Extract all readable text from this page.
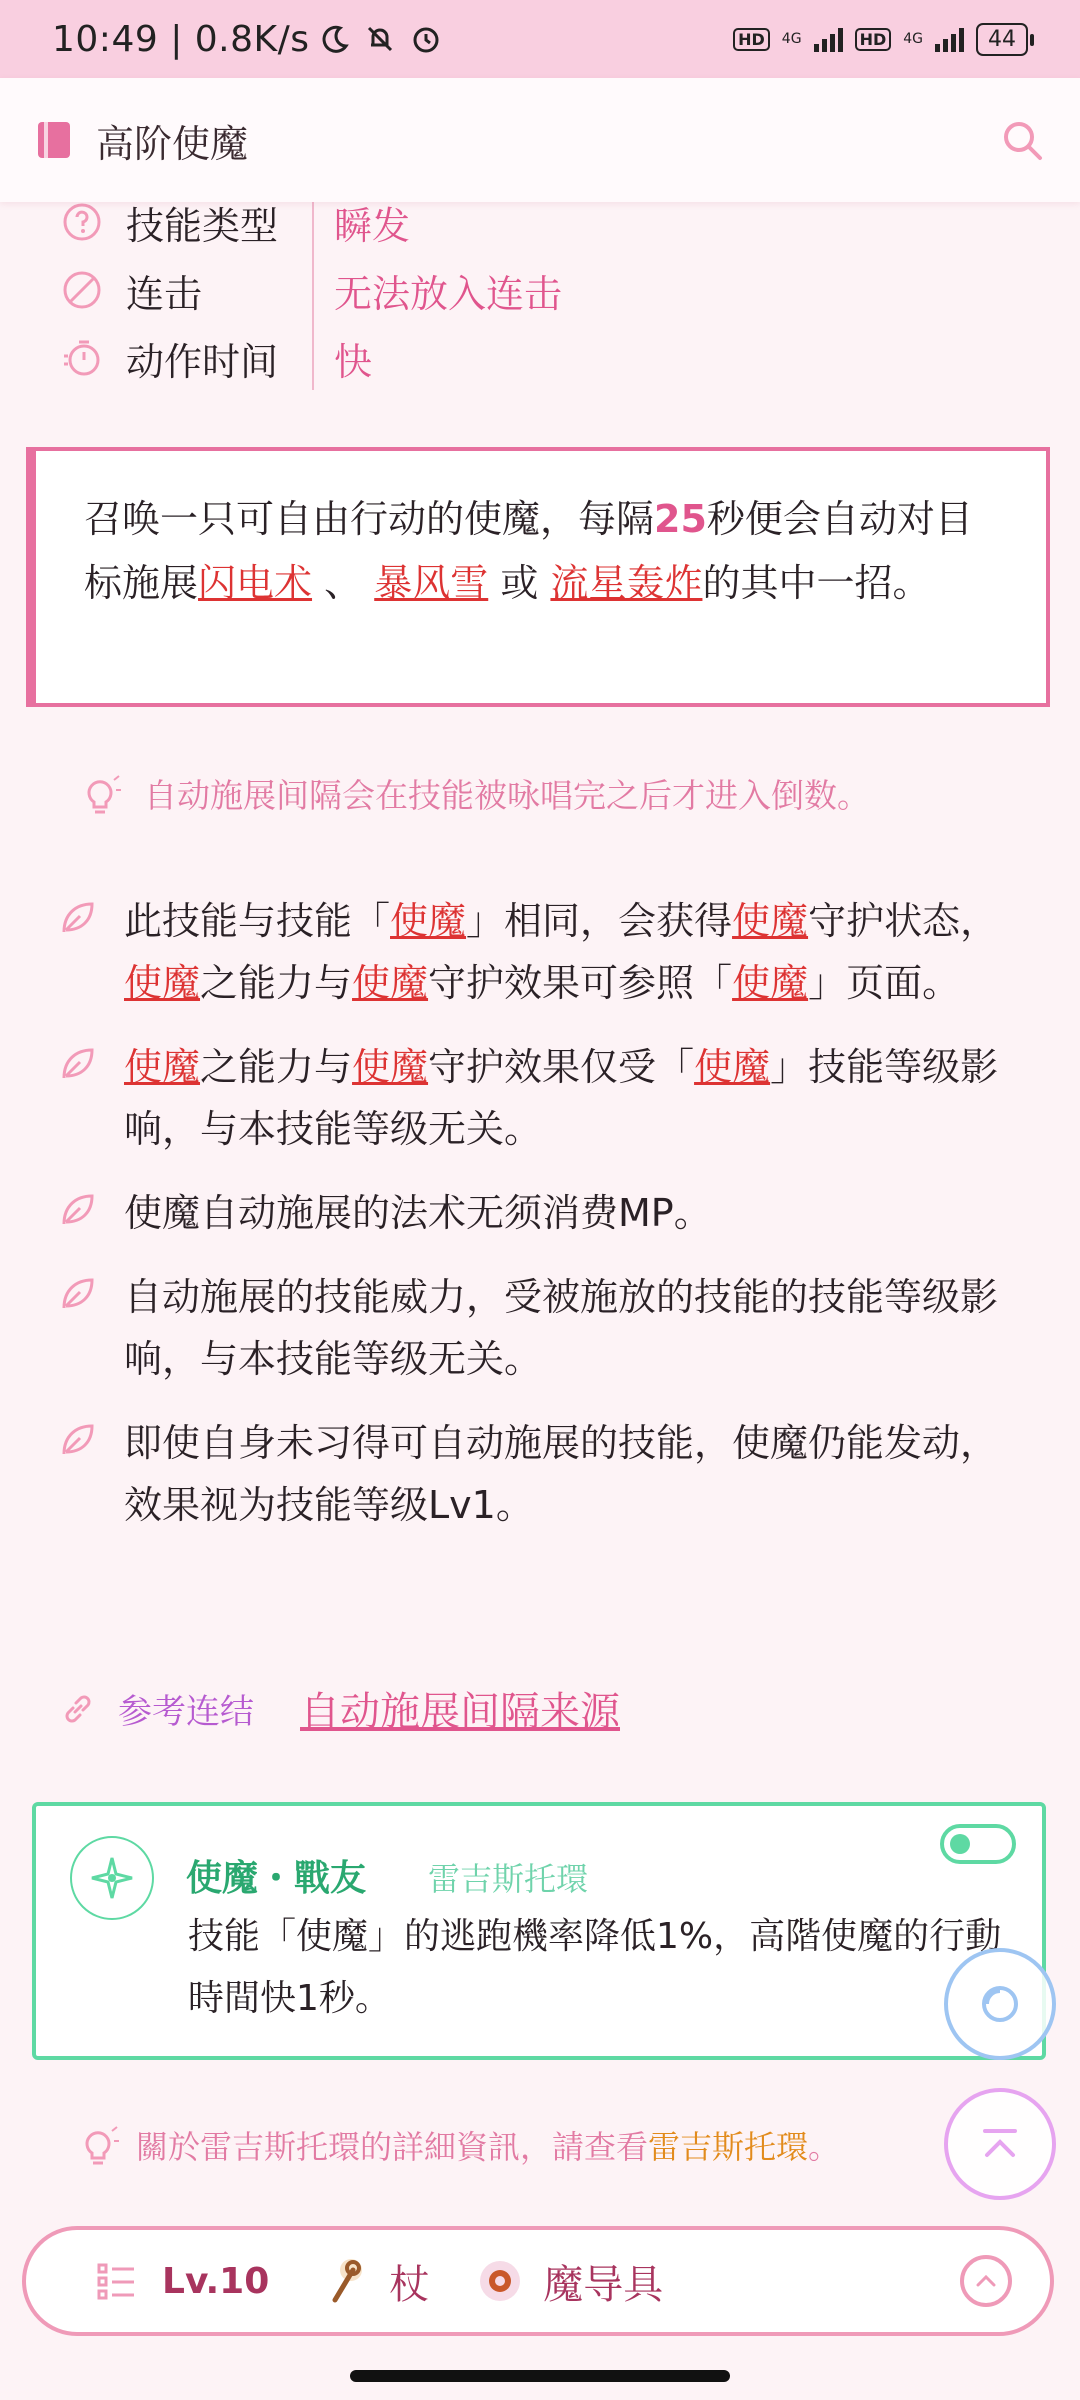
10:49 | 0.8K/s	HD	4G	HD	4G	44
高阶使魔
技能类型	瞬发
连击	无法放入连击
动作时间	快
召唤一只可自由行动的使魔，每隔25秒便会自动对目标施展闪电术 、 暴风雪 或 流星轰炸的其中一招。
自动施展间隔会在技能被咏唱完之后才进入倒数。
此技能与技能「使魔」相同，会获得使魔守护状态，使魔之能力与使魔守护效果可参照「使魔」页面。
使魔之能力与使魔守护效果仅受「使魔」技能等级影响，与本技能等级无关。
使魔自动施展的法术无须消费MP。
自动施展的技能威力，受被施放的技能的技能等级影响，与本技能等级无关。
即使自身未习得可自动施展的技能，使魔仍能发动，效果视为技能等级Lv1。
参考连结 自动施展间隔来源
使魔・戰友 雷吉斯托環
技能「使魔」的逃跑機率降低1%，高階使魔的行動時間快1秒。
關於雷吉斯托環的詳細資訊，請查看 雷吉斯托環 。
Lv.10	杖	魔导具
